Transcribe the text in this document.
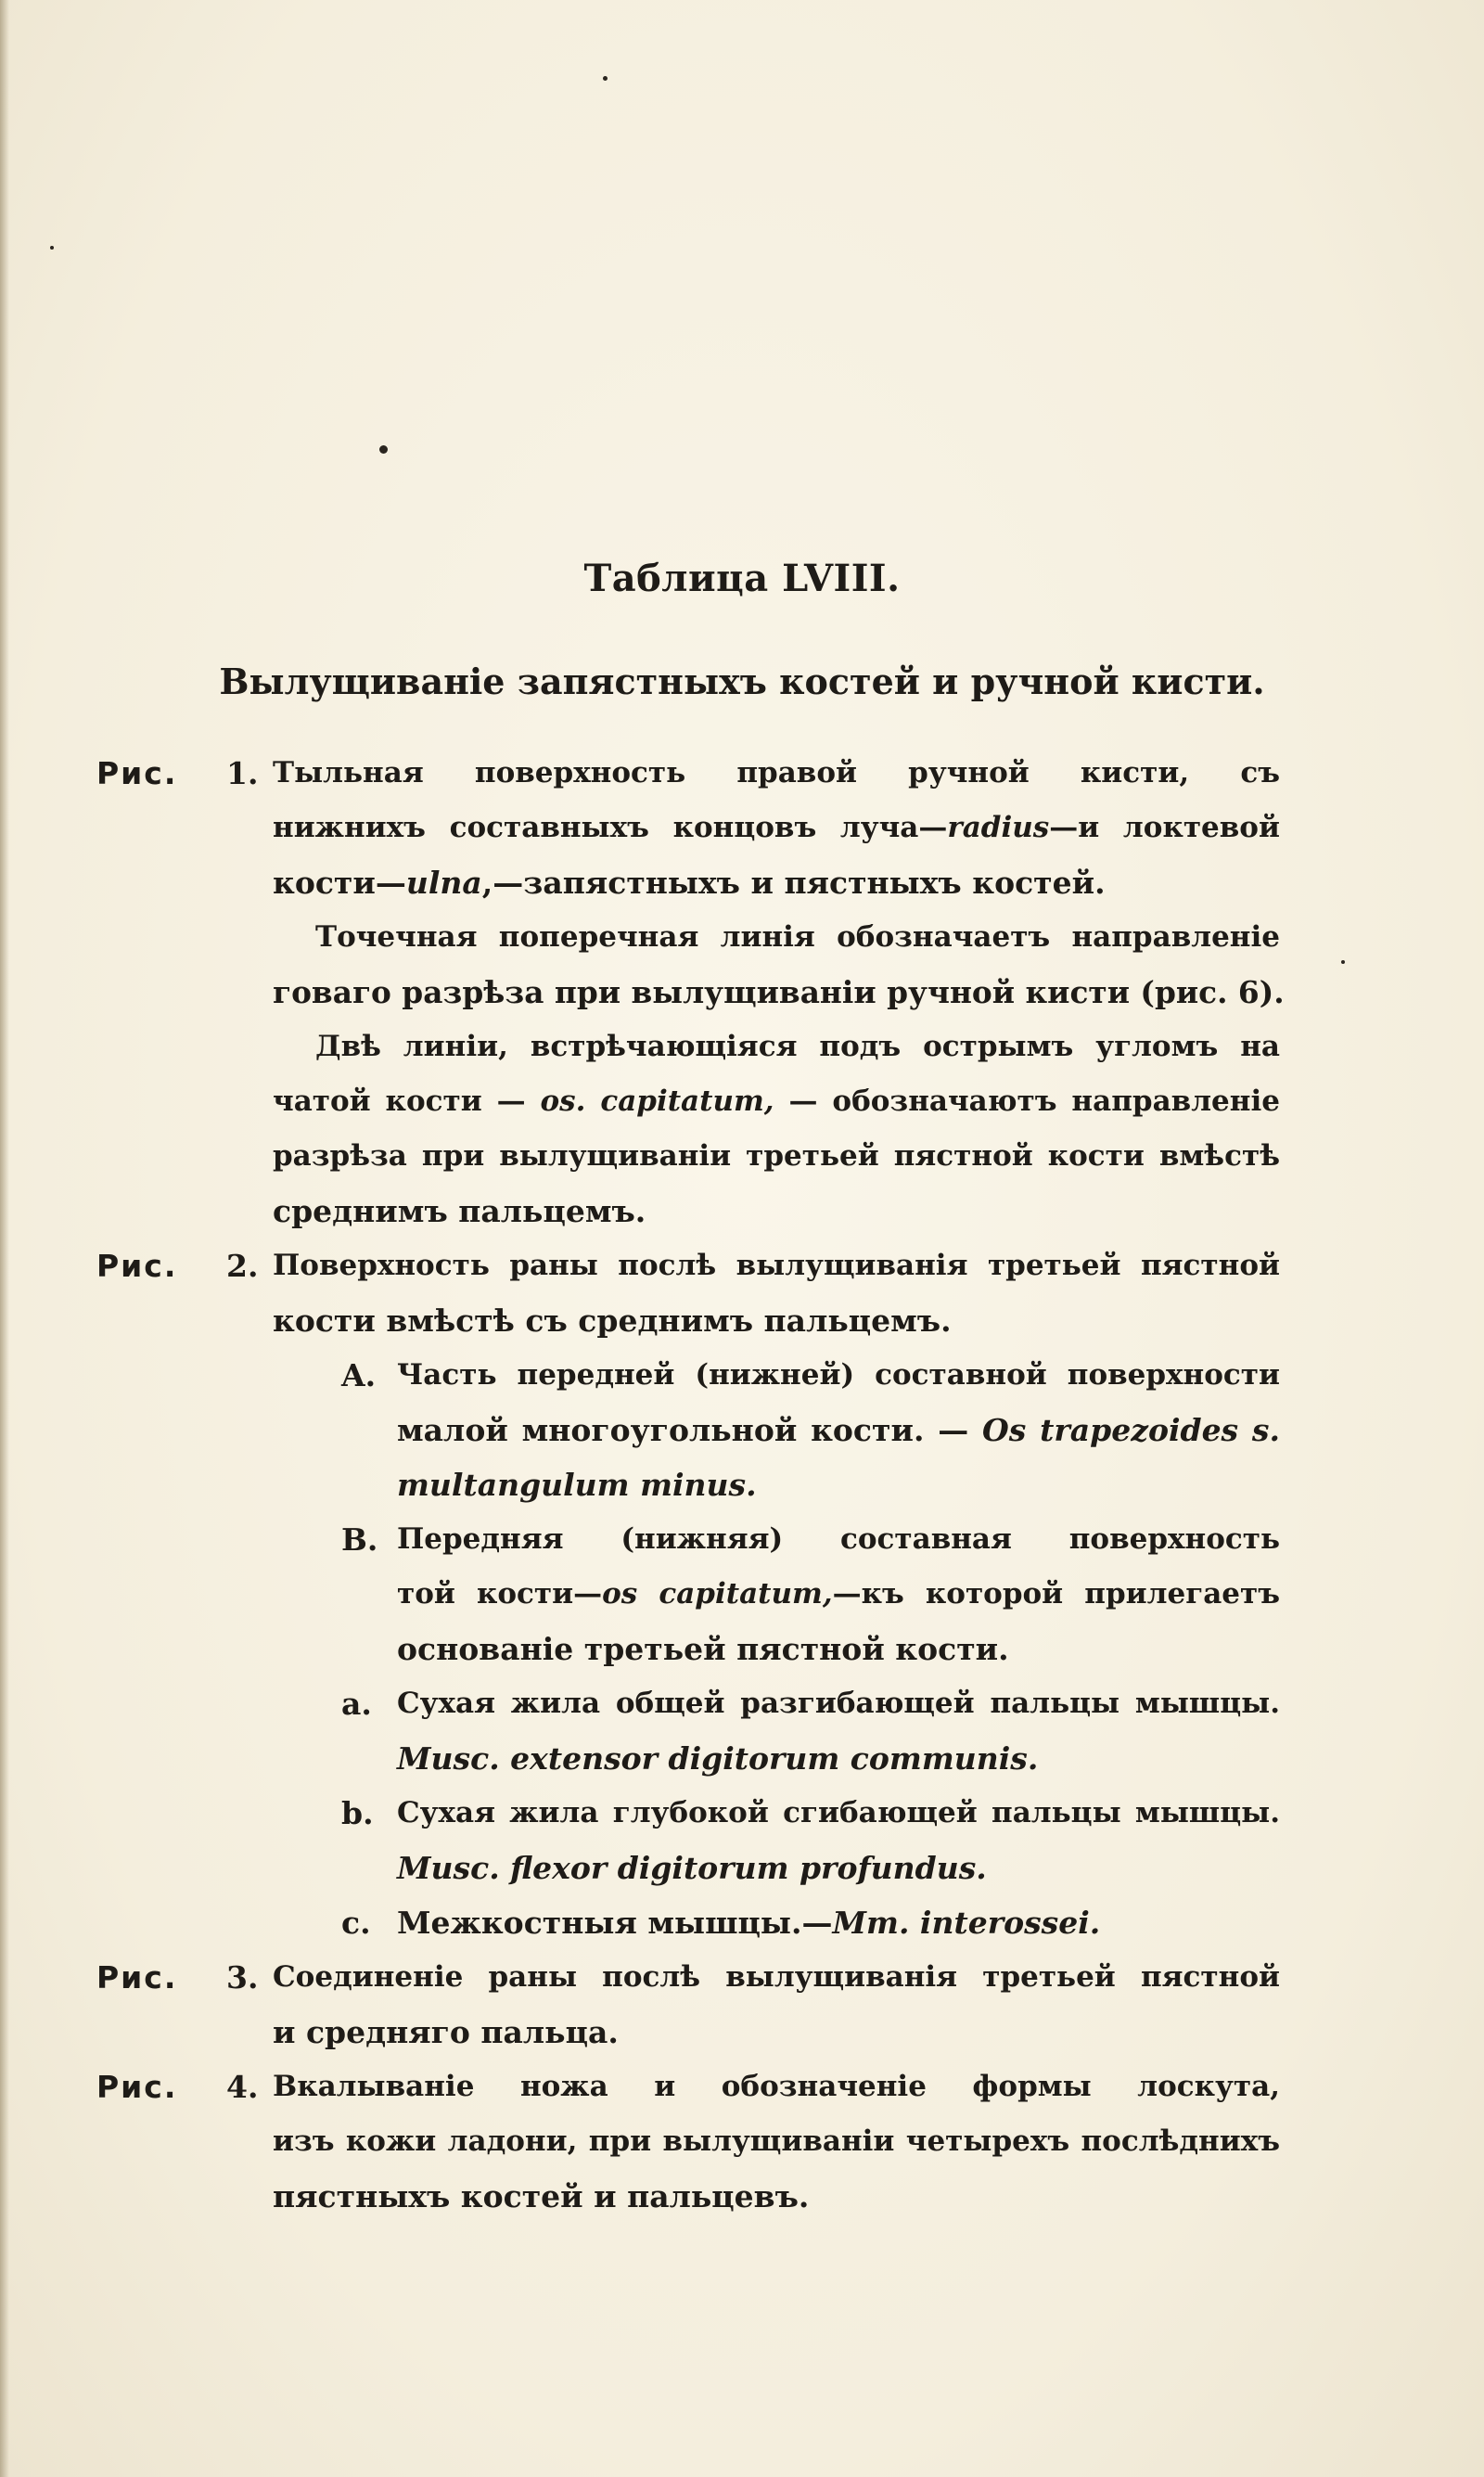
Таблица LVIII.
Вылущиваніе запястныхъ костей и ручной кисти.
Рис. 1. Тыльная поверхность правой ручной кисти, съ
нижнихъ составныхъ концовъ луча—radius—и локтевой
кости—ulna,—запястныхъ и пястныхъ костей.
Точечная поперечная линія обозначаетъ направленіе
говаго разрѣза при вылущиваніи ручной кисти (рис. 6).
Двѣ линіи, встрѣчающіяся подъ острымъ угломъ на
чатой кости — os. capitatum, — обозначаютъ направленіе
разрѣза при вылущиваніи третьей пястной кости вмѣстѣ
среднимъ пальцемъ.
Рис. 2. Поверхность раны послѣ вылущиванія третьей пястной
кости вмѣстѣ съ среднимъ пальцемъ.
A. Часть передней (нижней) составной поверхности
малой многоугольной кости. — Os trapezoides s.
multangulum minus.
B. Передняя (нижняя) составная поверхность
той кости—os capitatum,—къ которой прилегаетъ
основаніе третьей пястной кости.
a. Сухая жила общей разгибающей пальцы мышцы.
Musc. extensor digitorum communis.
b. Сухая жила глубокой сгибающей пальцы мышцы.
Musc. flexor digitorum profundus.
c. Межкостныя мышцы.—Mm. interossei.
Рис. 3. Соединеніе раны послѣ вылущиванія третьей пястной
и средняго пальца.
Рис. 4. Вкалываніе ножа и обозначеніе формы лоскута,
изъ кожи ладони, при вылущиваніи четырехъ послѣднихъ
пястныхъ костей и пальцевъ.
